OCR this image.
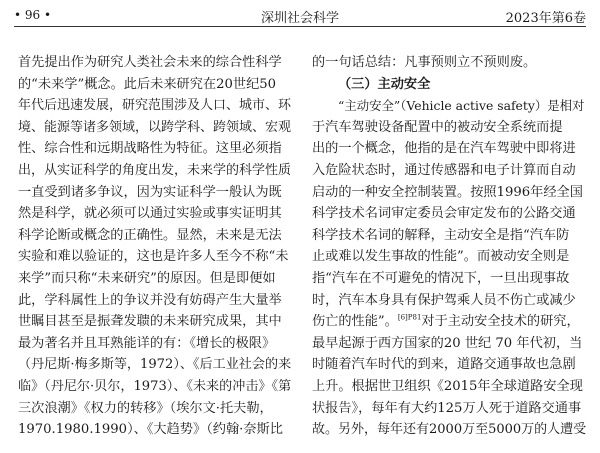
• 96 •	深圳社会科学	2023年第6卷
首先提出作为研究人类社会未来的综合性科学
的“未来学”概念。此后未来研究在20世纪50
年代后迅速发展，研究范围涉及人口、城市、环
境、能源等诸多领域，以跨学科、跨领域、宏观
性、综合性和远期战略性为特征。这里必须指
出，从实证科学的角度出发，未来学的科学性质
一直受到诸多争议，因为实证科学一般认为既
然是科学，就必须可以通过实验或事实证明其
科学论断或概念的正确性。显然，未来是无法
实验和难以验证的，这也是许多人至今不称“未
来学”而只称“未来研究”的原因。但是即便如
此，学科属性上的争议并没有妨碍产生大量举
世瞩目甚至是振聋发聩的未来研究成果，其中
最为著名并且耳熟能详的有：《增长的极限》
（丹尼斯·梅多斯等，1972）、《后工业社会的来
临》（丹尼尔·贝尔，1973）、《未来的冲击》《第
三次浪潮》《权力的转移》（埃尔文·托夫勒，
1970.1980.1990）、《大趋势》（约翰·奈斯比
的一句话总结：凡事预则立不预则废。
（三）主动安全
“主动安全”（Vehicle active safety）是相对
于汽车驾驶设备配置中的被动安全系统而提
出的一个概念，他指的是在汽车驾驶中即将进
入危险状态时，通过传感器和电子计算而自动
启动的一种安全控制装置。按照1996年经全国
科学技术名词审定委员会审定发布的公路交通
科学技术名词的解释，主动安全是指“汽车防
止或难以发生事故的性能”。而被动安全则是
指“汽车在不可避免的情况下，一旦出现事故
时，汽车本身具有保护驾乘人员不伤亡或减少
伤亡的性能”。$^{[6]P81}$对于主动安全技术的研究，
最早起源于西方国家的20 世纪 70 年代初，当
时随着汽车时代的到来，道路交通事故也急剧
上升。根据世卫组织《2015年全球道路安全现
状报告》，每年有大约125万人死于道路交通事
故。另外，每年还有2000万至5000万的人遭受
